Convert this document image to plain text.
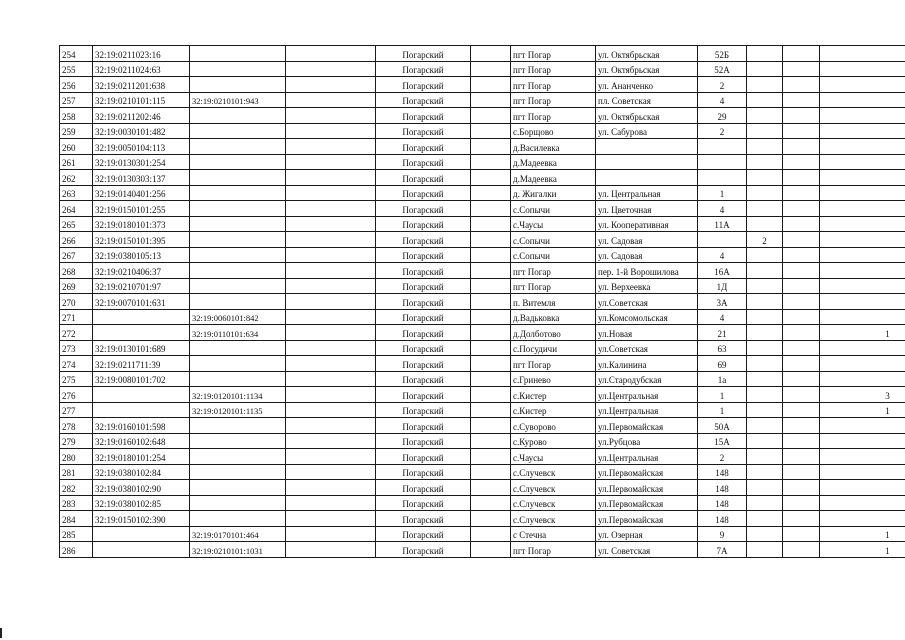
254	32:19:0211023:16			Погарский		пгт Погар	ул. Октябрьская	52Б			
255	32:19:0211024:63			Погарский		пгт Погар	ул. Октябрьская	52А			
256	32:19:0211201:638			Погарский		пгт Погар	ул. Ананченко	2			
257	32:19:0210101:115	32:19:0210101:943		Погарский		пгт Погар	пл. Советская	4			
258	32:19:0211202:46			Погарский		пгт Погар	ул. Октябрьская	29			
259	32:19:0030101:482			Погарский		с.Борщово	ул. Сабурова	2			
260	32:19:0050104:113			Погарский		д.Василевка					
261	32:19:0130301:254			Погарский		д.Мадеевка					
262	32:19:0130303:137			Погарский		д.Мадеевка					
263	32:19:0140401:256			Погарский		д. Жигалки	ул. Центральная	1			
264	32:19:0150101:255			Погарский		с.Сопычи	ул. Цветочная	4			
265	32:19:0180101:373			Погарский		с.Чаусы	ул. Кооперативная	11А			
266	32:19:0150101:395			Погарский		с.Сопычи	ул. Садовая		2		
267	32:19:0380105:13			Погарский		с.Сопычи	ул. Садовая	4			
268	32:19:0210406:37			Погарский		пгт Погар	пер. 1-й Ворошилова	16А			
269	32:19:0210701:97			Погарский		пгт Погар	ул. Верхеевка	1Д			
270	32:19:0070101:631			Погарский		п. Витемля	ул.Советская	3А			
271		32:19:0060101:842		Погарский		д.Вадьковка	ул.Комсомольская	4			
272		32:19:0110101:634		Погарский		д.Долботово	ул.Новая	21			1
273	32:19:0130101:689			Погарский		с.Посудичи	ул.Советская	63			
274	32:19:0211711:39			Погарский		пгт Погар	ул.Калинина	69			
275	32:19:0080101:702			Погарский		с.Гринево	ул.Стародубская	1а			
276		32:19:0120101:1134		Погарский		с.Кистер	ул.Центральная	1			3
277		32:19:0120101:1135		Погарский		с.Кистер	ул.Центральная	1			1
278	32:19:0160101:598			Погарский		с.Суворово	ул.Первомайская	50А			
279	32:19:0160102:648			Погарский		с.Курово	ул.Рубцова	15А			
280	32:19:0180101:254			Погарский		с.Чаусы	ул.Центральная	2			
281	32:19:0380102:84			Погарский		с.Случевск	ул.Первомайская	148			
282	32:19:0380102:90			Погарский		с.Случевск	ул.Первомайская	148			
283	32:19:0380102:85			Погарский		с.Случевск	ул.Первомайская	148			
284	32:19:0150102:390			Погарский		с.Случевск	ул.Первомайская	148			
285		32:19:0170101:464		Погарский		с Стечна	ул. Озерная	9			1
286		32:19:0210101:1031		Погарский		пгт Погар	ул. Советская	7А			1
